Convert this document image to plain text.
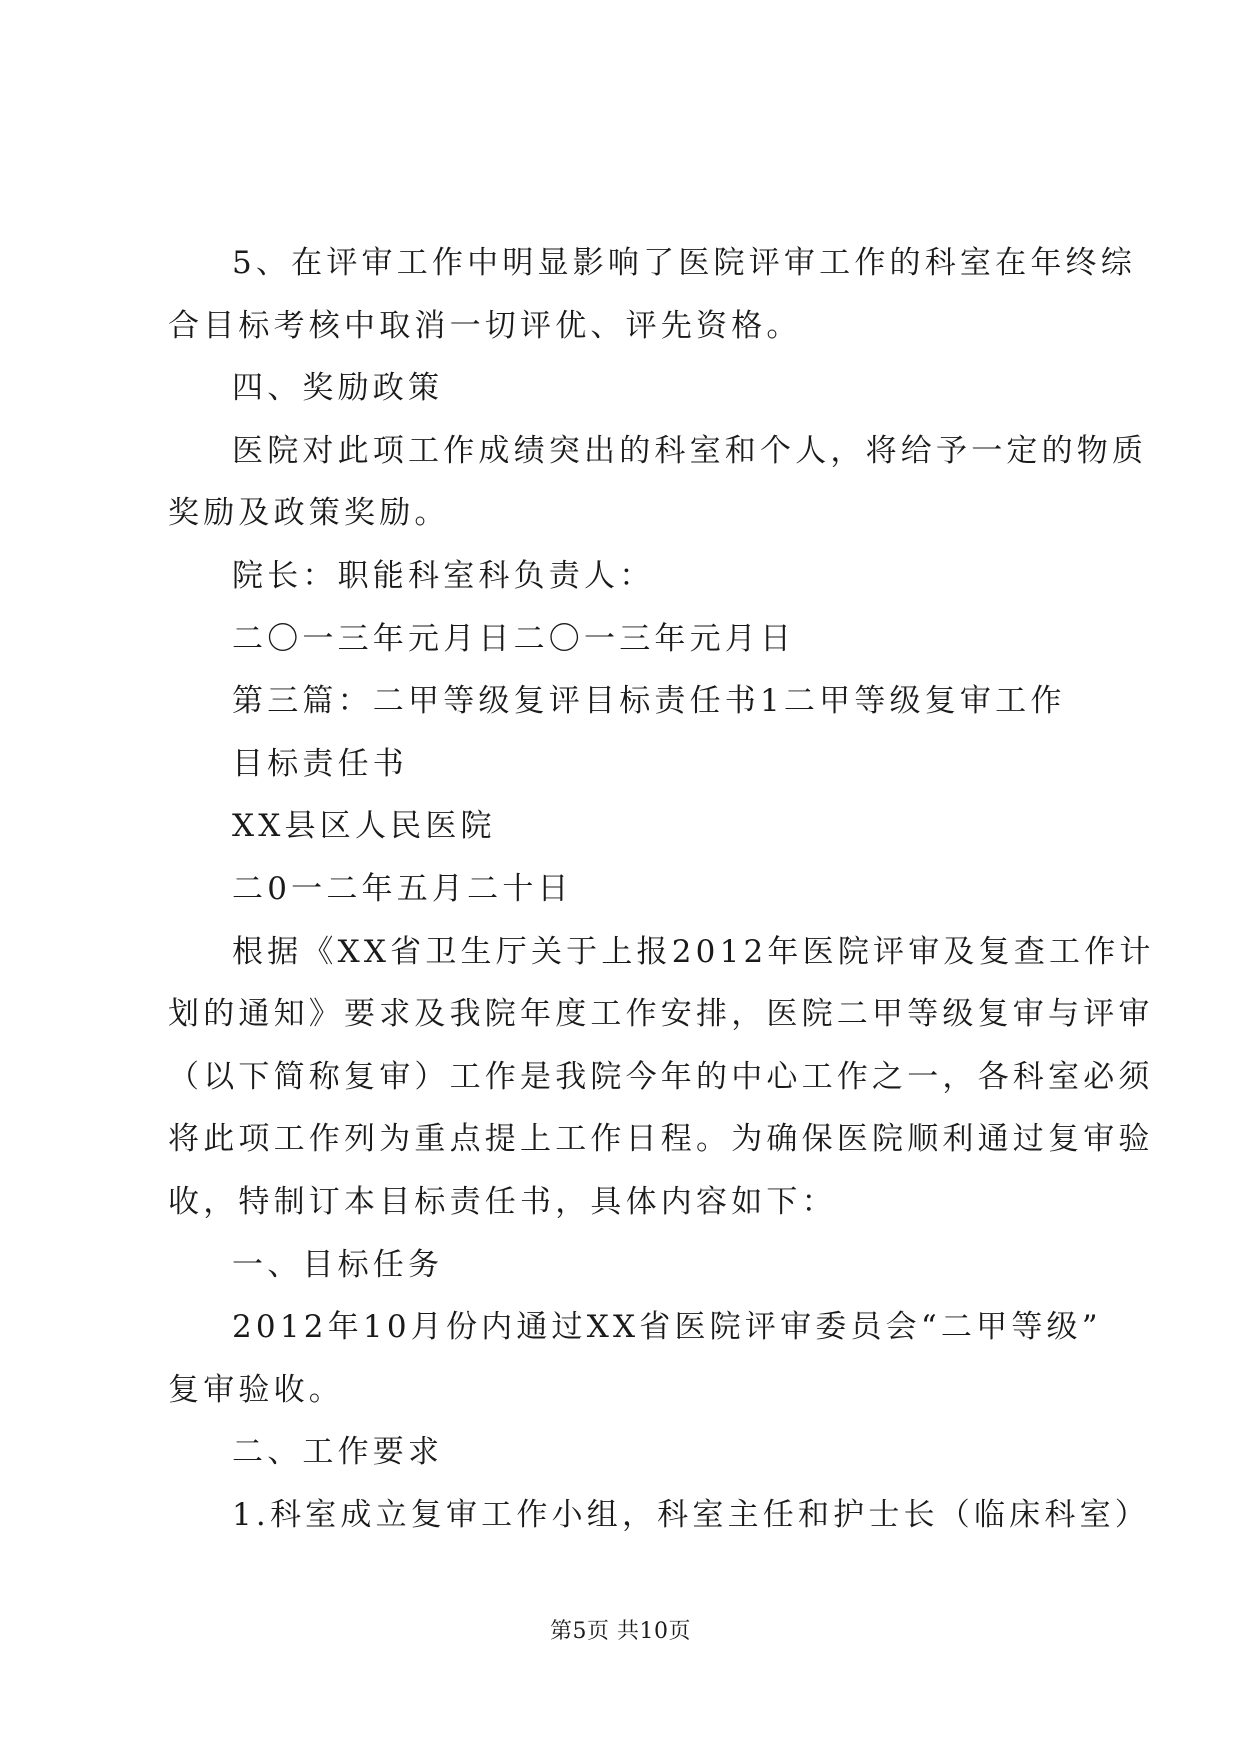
5、在评审工作中明显影响了医院评审工作的科室在年终综

合目标考核中取消一切评优、评先资格。

四、奖励政策

医院对此项工作成绩突出的科室和个人，将给予一定的物质

奖励及政策奖励。

院长：职能科室科负责人：

二〇一三年元月日二〇一三年元月日

第三篇：二甲等级复评目标责任书1二甲等级复审工作

目标责任书

XX县区人民医院

二0一二年五月二十日

根据《XX省卫生厅关于上报2012年医院评审及复查工作计

划的通知》要求及我院年度工作安排，医院二甲等级复审与评审

（以下简称复审）工作是我院今年的中心工作之一，各科室必须

将此项工作列为重点提上工作日程。为确保医院顺利通过复审验

收，特制订本目标责任书，具体内容如下：

一、目标任务

2012年10月份内通过XX省医院评审委员会“二甲等级”

复审验收。

二、工作要求

1.科室成立复审工作小组，科室主任和护士长（临床科室）

第5页 共10页
